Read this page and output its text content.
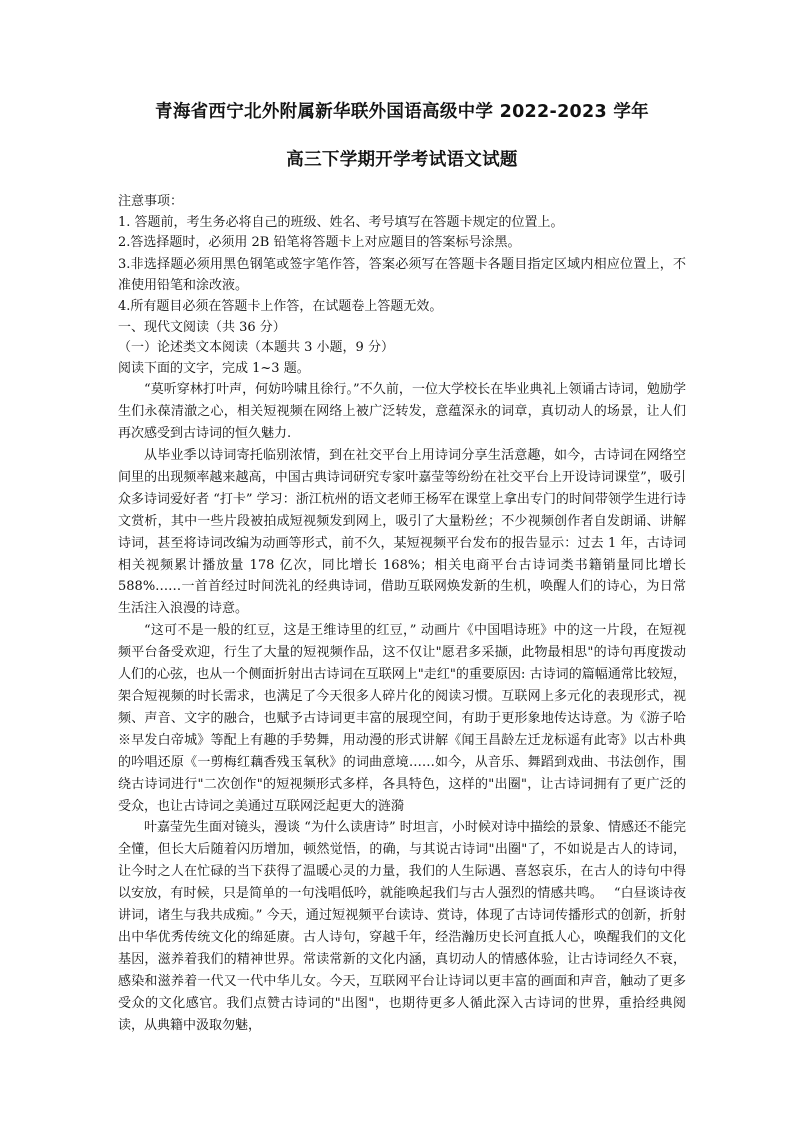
青海省西宁北外附属新华联外国语高级中学 2022-2023 学年
高三下学期开学考试语文试题

注意事项：

1. 答题前，考生务必将自己的班级、姓名、考号填写在答题卡规定的位置上。

2.答选择题时，必须用 2B 铅笔将答题卡上对应题目的答案标号涂黑。

3.非选择题必须用黑色钢笔或签字笔作答，答案必须写在答题卡各题目指定区域内相应位置上，不准使用铅笔和涂改液。

4.所有题目必须在答题卡上作答，在试题卷上答题无效。

一、现代文阅读（共 36 分）

（一）论述类文本阅读（本题共 3 小题，9 分）

阅读下面的文字，完成 1~3 题。

“莫听穿林打叶声，何妨吟啸且徐行。”不久前，一位大学校长在毕业典礼上领诵古诗词，勉励学生们永葆清澈之心，相关短视频在网络上被广泛转发，意蕴深永的词章，真切动人的场景，让人们再次感受到古诗词的恒久魅力.

从毕业季以诗词寄托临别浓情，到在社交平台上用诗词分享生活意趣，如今，古诗词在网络空间里的出现频率越来越高，中国古典诗词研究专家叶嘉莹等纷纷在社交平台上开设诗词课堂”，吸引众多诗词爱好者 “打卡” 学习：浙江杭州的语文老师王杨军在课堂上拿出专门的时间带领学生进行诗文赏析，其中一些片段被拍成短视频发到网上，吸引了大量粉丝；不少视频创作者自发朗诵、讲解诗词，甚至将诗词改编为动画等形式，前不久，某短视频平台发布的报告显示：过去 1 年，古诗词相关视频累计播放量 178 亿次，同比增长 168%；相关电商平台古诗词类书籍销量同比增长 588%……一首首经过时间洗礼的经典诗词，借助互联网焕发新的生机，唤醒人们的诗心，为日常生活注入浪漫的诗意。

“这可不是一般的红豆，这是王维诗里的红豆，” 动画片《中国唱诗班》中的这一片段，在短视频平台备受欢迎，行生了大量的短视频作品，这不仅让"愿君多采撷，此物最相思"的诗句再度拨动人们的心弦，也从一个侧面折射出古诗词在互联网上"走红"的重要原因: 古诗词的篇幅通常比较短，架合短视频的时长需求，也满足了今天很多人碎片化的阅读习惯。互联网上多元化的表现形式，视频、声音、文字的融合，也赋予古诗词更丰富的展现空间，有助于更形象地传达诗意。为《游子哈※早发白帝城》等配上有趣的手势舞，用动漫的形式讲解《闻王昌龄左迁龙标遥有此寄》以古朴典的吟唱还原《一剪梅红藕香残玉氧秋》的词曲意境……如今，从音乐、舞蹈到戏曲、书法创作，围绕古诗词进行"二次创作"的短视频形式多样，各具特色，这样的"出圈"，让古诗词拥有了更广泛的受众，也让古诗词之美通过互联网泛起更大的涟漪

叶嘉莹先生面对镜头，漫谈 “为什么读唐诗” 时坦言，小时候对诗中描绘的景象、情感还不能完全懂，但长大后随着闪历增加，顿然觉悟，的确，与其说古诗词"出圈"了，不如说是古人的诗词，让今时之人在忙碌的当下获得了温暖心灵的力量，我们的人生际遇、喜怒哀乐，在古人的诗句中得以安放，有时候，只是简单的一句浅唱低吟，就能唤起我们与古人强烈的情感共鸣。　 “白昼谈诗夜讲词，诸生与我共成痴。” 今天，通过短视频平台读诗、赏诗，体现了古诗词传播形式的创新，折射出中华优秀传统文化的绵延赓。古人诗句，穿越千年，经浩瀚历史长河直抵人心，唤醒我们的文化基因，滋养着我们的精神世界。常读常新的文化内涵，真切动人的情感体验，让古诗词经久不衰，感染和滋养着一代又一代中华儿女。今天，互联网平台让诗词以更丰富的画面和声音，触动了更多受众的文化感官。我们点赞古诗词的"出图"，也期待更多人循此深入古诗词的世界，重拾经典阅读，从典籍中汲取勿魅，
